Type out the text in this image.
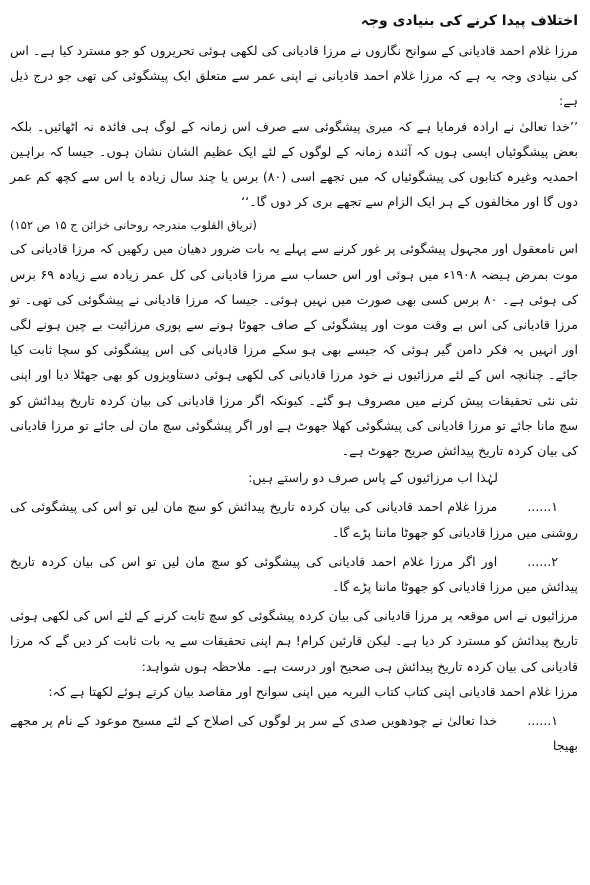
اختلاف پیدا کرنے کی بنیادی وجہ

مرزا غلام احمد قادیانی کے سوانح نگاروں نے مرزا قادیانی کی لکھی ہوئی تحریروں کو جو مسترد کیا ہے۔ اس کی بنیادی وجہ یہ ہے کہ مرزا غلام احمد قادیانی نے اپنی عمر سے متعلق ایک پیشگوئی کی تھی جو درج ذیل ہے:

’’خدا تعالیٰ نے ارادہ فرمایا ہے کہ میری پیشگوئی سے صرف اس زمانہ کے لوگ ہی فائدہ نہ اٹھائیں۔ بلکہ بعض پیشگوئیاں ایسی ہوں کہ آئندہ زمانہ کے لوگوں کے لئے ایک عظیم الشان نشان ہوں۔ جیسا کہ براہین احمدیہ وغیرہ کتابوں کی پیشگوئیاں کہ میں تجھے اسی (۸۰) برس یا چند سال زیادہ یا اس سے کچھ کم عمر دوں گا اور مخالفوں کے ہر ایک الزام سے تجھے بری کر دوں گا۔‘‘

(تریاق القلوب مندرجہ روحانی خزائن ج ۱۵ ص ۱۵۲)

اس نامعقول اور مجہول پیشگوئی پر غور کرنے سے پہلے یہ بات ضرور دھیان میں رکھیں کہ مرزا قادیانی کی موت بمرض ہیضہ ۱۹۰۸ء میں ہوئی اور اس حساب سے مرزا قادیانی کی کل عمر زیادہ سے زیادہ ۶۹ برس کی ہوئی ہے۔ ۸۰ برس کسی بھی صورت میں نہیں ہوئی۔ جیسا کہ مرزا قادیانی نے پیشگوئی کی تھی۔ تو مرزا قادیانی کی اس بے وقت موت اور پیشگوئی کے صاف جھوٹا ہونے سے پوری مرزائیت بے چین ہونے لگی اور انہیں یہ فکر دامن گیر ہوئی کہ جیسے بھی ہو سکے مرزا قادیانی کی اس پیشگوئی کو سچا ثابت کیا جائے۔ چنانچہ اس کے لئے مرزائیوں نے خود مرزا قادیانی کی لکھی ہوئی دستاویزوں کو بھی جھٹلا دیا اور اپنی نئی نئی تحقیقات پیش کرنے میں مصروف ہو گئے۔ کیونکہ اگر مرزا قادیانی کی بیان کردہ تاریخ پیدائش کو سچ مانا جائے تو مرزا قادیانی کی پیشگوئی کھلا جھوٹ ہے اور اگر پیشگوئی سچ مان لی جائے تو مرزا قادیانی کی بیان کردہ تاریخ پیدائش صریح جھوٹ ہے۔

لہٰذا اب مرزائیوں کے پاس صرف دو راستے ہیں:

۱......مرزا غلام احمد قادیانی کی بیان کردہ تاریخ پیدائش کو سچ مان لیں تو اس کی پیشگوئی کی روشنی میں مرزا قادیانی کو جھوٹا ماننا پڑے گا۔

۲......اور اگر مرزا غلام احمد قادیانی کی پیشگوئی کو سچ مان لیں تو اس کی بیان کردہ تاریخ پیدائش میں مرزا قادیانی کو جھوٹا ماننا پڑے گا۔

مرزائیوں نے اس موقعہ پر مرزا قادیانی کی بیان کردہ پیشگوئی کو سچ ثابت کرنے کے لئے اس کی لکھی ہوئی تاریخ پیدائش کو مسترد کر دیا ہے۔ لیکن قارئین کرام! ہم اپنی تحقیقات سے یہ بات ثابت کر دیں گے کہ مرزا قادیانی کی بیان کردہ تاریخ پیدائش ہی صحیح اور درست ہے۔ ملاحظہ ہوں شواہد:

مرزا غلام احمد قادیانی اپنی کتاب کتاب البریہ میں اپنی سوانح اور مقاصد بیان کرتے ہوئے لکھتا ہے کہ:

۱......خدا تعالیٰ نے چودھویں صدی کے سر پر لوگوں کی اصلاح کے لئے مسیح موعود کے نام پر مجھے بھیجا
